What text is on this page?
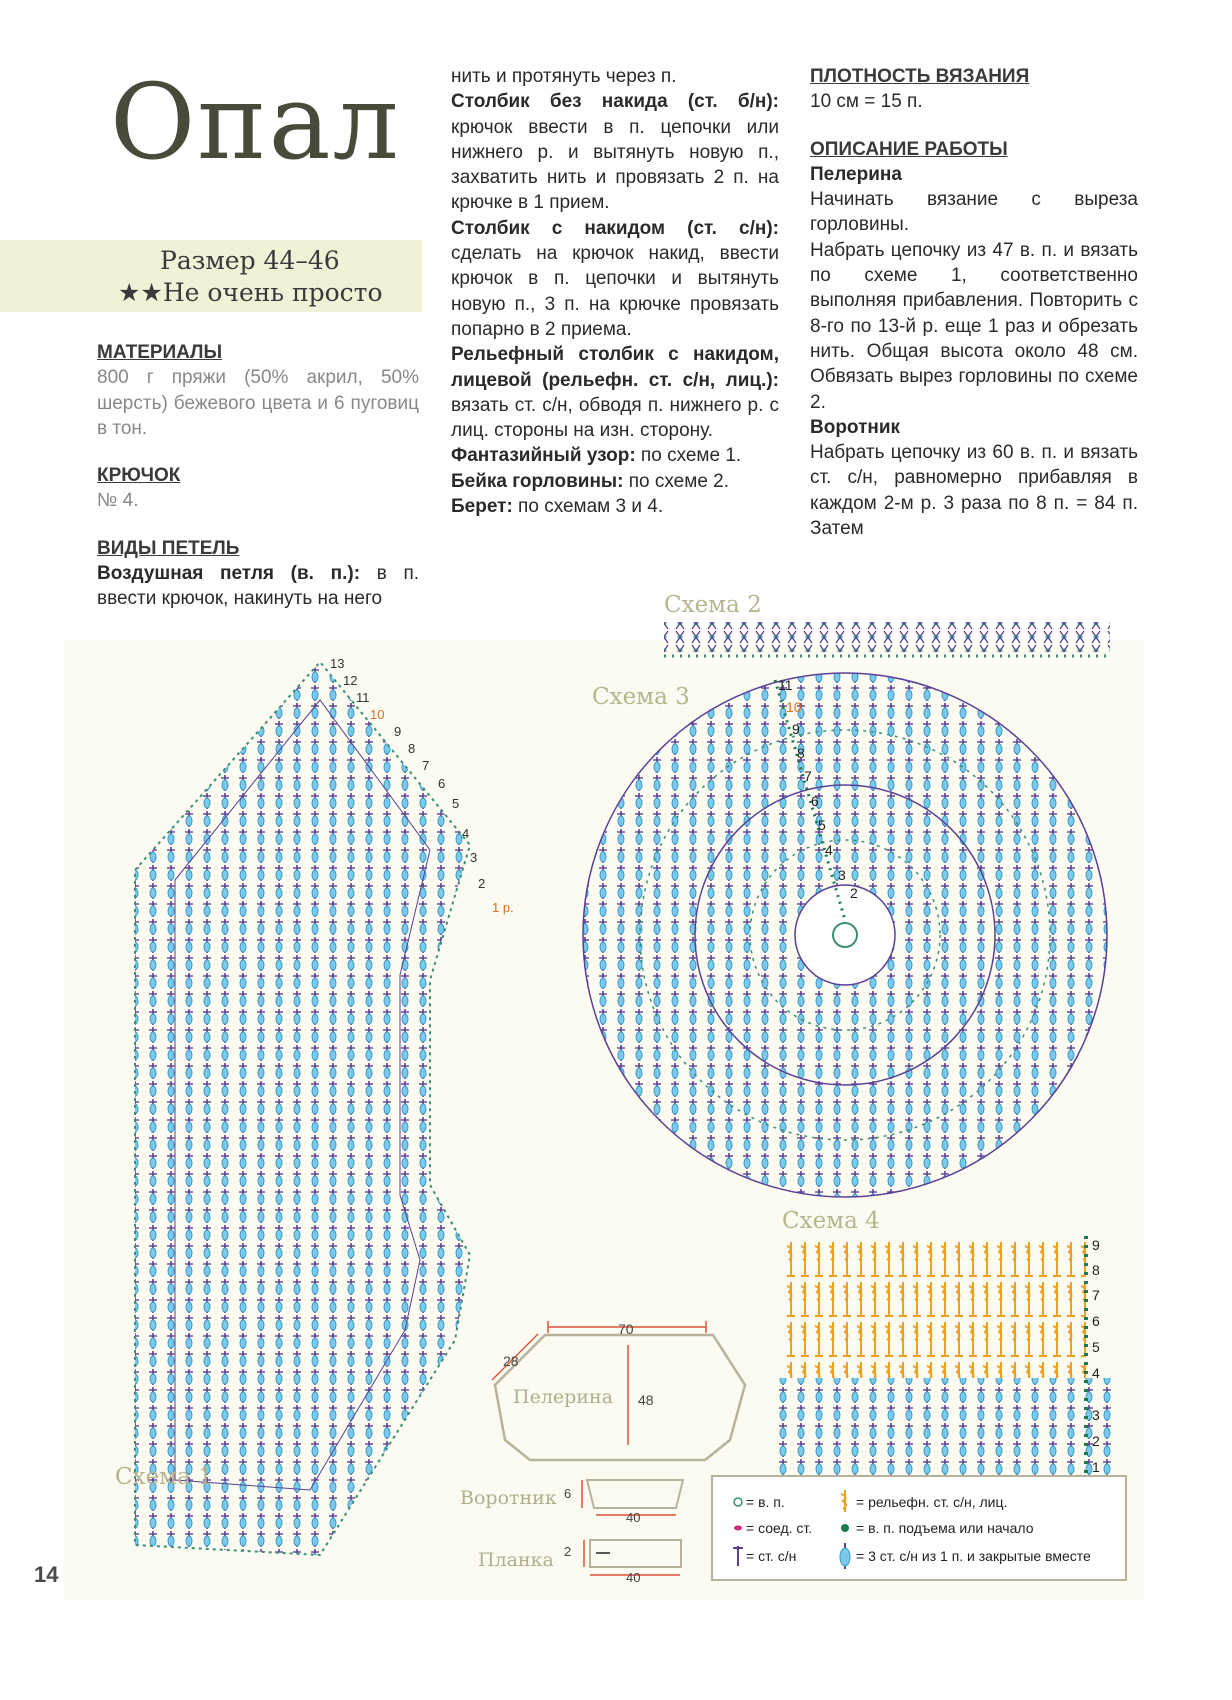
Опал
Размер 44–46
★★Не очень просто

МАТЕРИАЛЫ

800 г пряжи (50% акрил, 50% шерсть) бежевого цвета и 6 пуговиц в тон.

КРЮЧОК

№ 4.

ВИДЫ ПЕТЕЛЬ

Воздушная петля (в. п.): в п. ввести крючок, накинуть на него

нить и протянуть через п.

Столбик без накида (ст. б/н): крючок ввести в п. цепочки или нижнего р. и вытянуть новую п., захватить нить и провязать 2 п. на крючке в 1 прием.

Столбик с накидом (ст. с/н): сделать на крючок накид, ввести крючок в п. цепочки и вытянуть новую п., 3 п. на крючке провязать попарно в 2 приема.

Рельефный столбик с накидом, лицевой (рельефн. ст. с/н, лиц.): вязать ст. с/н, обводя п. нижнего р. с лиц. стороны на изн. сторону.

Фантазийный узор: по схеме 1.

Бейка горловины: по схеме 2.

Берет: по схемам 3 и 4.

ПЛОТНОСТЬ ВЯЗАНИЯ

10 см = 15 п.

ОПИСАНИЕ РАБОТЫ

Пелерина

Начинать вязание с выреза горловины.

Набрать цепочку из 47 в. п. и вязать по схеме 1, соответственно выполняя прибавления. Повторить с 8-го по 13-й р. еще 1 раз и обрезать нить. Общая высота около 48 см. Обвязать вырез горловины по схеме 2.

Воротник

Набрать цепочку из 60 в. п. и вязать ст. с/н, равномерно прибавляя в каждом 2-м р. 3 раза по 8 п. = 84 п. Затем

Схема 1
13
12
11
10
9
8
7
6
5
4
3
2
1 р.
Схема 2
Схема 3	11
10
9
8
7
6
5
4
3
2
Схема 4
9
8
7
6
5
4
3
2
1
70
28
48
Пелерина
Воротник 6
40
Планка 2
40
= в. п.
= соед. ст.
= ст. с/н
= рельефн. ст. с/н, лиц.
= в. п. подъема или начало
= 3 ст. с/н из 1 п. и закрытые вместе
14
